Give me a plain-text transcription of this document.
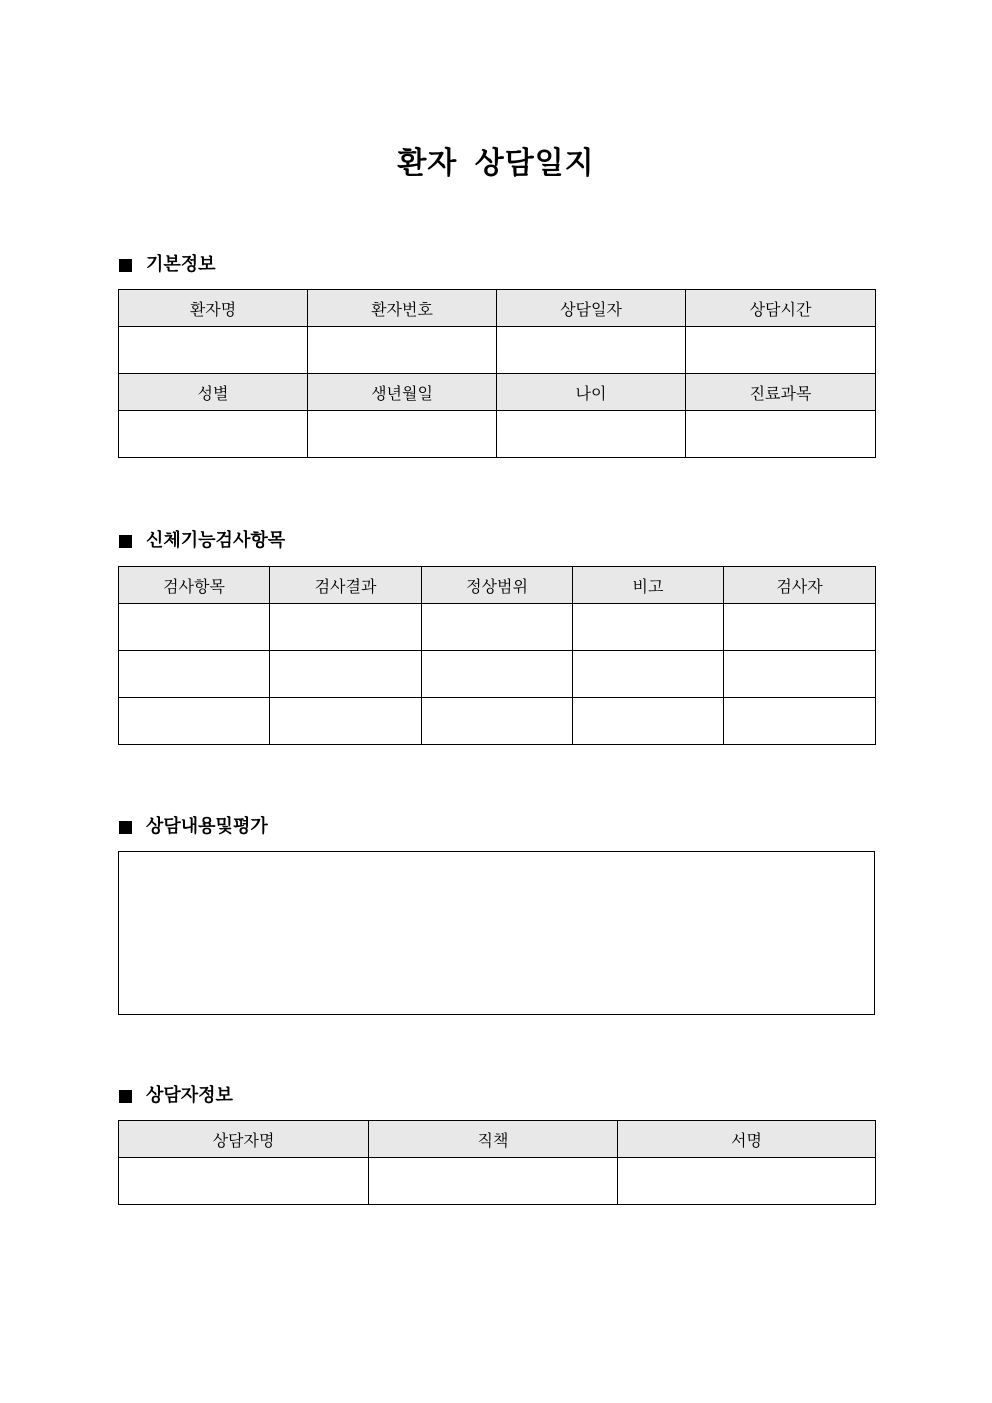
환자 상담일지
기본정보
환자명	환자번호	상담일자	상담시간

성별	생년월일	나이	진료과목

신체기능검사항목
검사항목	검사결과	정상범위	비고	검사자

상담내용및평가
상담자정보
상담자명	직책	서명
